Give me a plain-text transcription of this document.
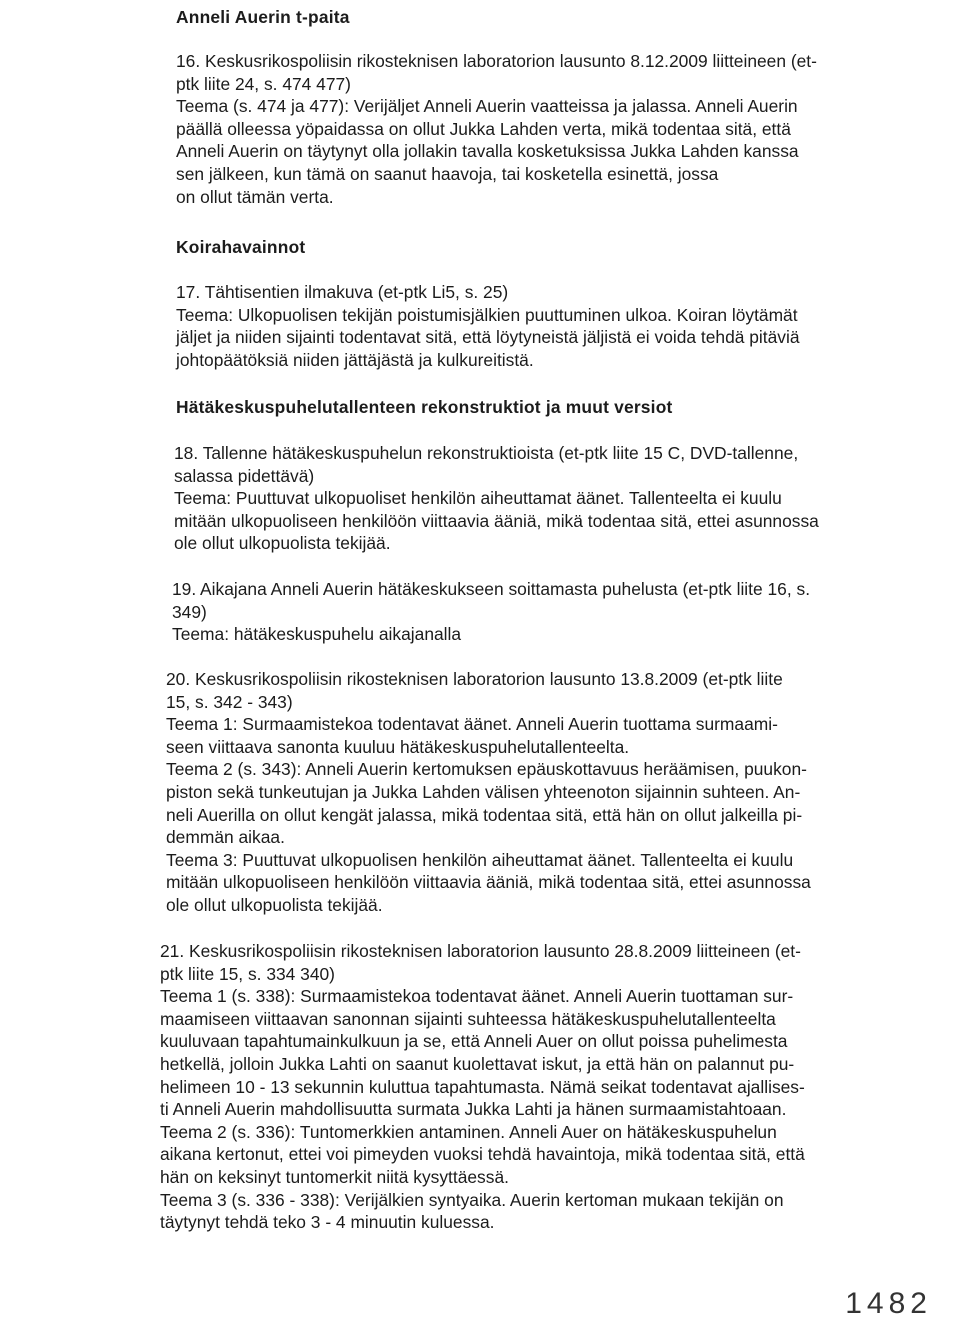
Anneli Auerin t-paita
16. Keskusrikospoliisin rikosteknisen laboratorion lausunto 8.12.2009 liitteineen (et-
ptk liite 24, s. 474 477)
Teema (s. 474 ja 477): Verijäljet Anneli Auerin vaatteissa ja jalassa. Anneli Auerin
päällä olleessa yöpaidassa on ollut Jukka Lahden verta, mikä todentaa sitä, että
Anneli Auerin on täytynyt olla jollakin tavalla kosketuksissa Jukka Lahden kanssa
sen jälkeen, kun tämä on saanut haavoja, tai kosketella esinettä, jossa
on ollut tämän verta.
Koirahavainnot
17. Tähtisentien ilmakuva (et-ptk Li5, s. 25)
Teema: Ulkopuolisen tekijän poistumisjälkien puuttuminen ulkoa. Koiran löytämät
jäljet ja niiden sijainti todentavat sitä, että löytyneistä jäljistä ei voida tehdä pitäviä
johtopäätöksiä niiden jättäjästä ja kulkureitistä.
Hätäkeskuspuhelutallenteen rekonstruktiot ja muut versiot
18. Tallenne hätäkeskuspuhelun rekonstruktioista (et-ptk liite 15 C, DVD-tallenne,
salassa pidettävä)
Teema: Puuttuvat ulkopuoliset henkilön aiheuttamat äänet. Tallenteelta ei kuulu
mitään ulkopuoliseen henkilöön viittaavia ääniä, mikä todentaa sitä, ettei asunnossa
ole ollut ulkopuolista tekijää.
19. Aikajana Anneli Auerin hätäkeskukseen soittamasta puhelusta (et-ptk liite 16, s.
349)
Teema: hätäkeskuspuhelu aikajanalla
20. Keskusrikospoliisin rikosteknisen laboratorion lausunto 13.8.2009 (et-ptk liite
15, s. 342 - 343)
Teema 1: Surmaamistekoa todentavat äänet. Anneli Auerin tuottama surmaami-
seen viittaava sanonta kuuluu hätäkeskuspuhelutallenteelta.
Teema 2 (s. 343): Anneli Auerin kertomuksen epäuskottavuus heräämisen, puukon-
piston sekä tunkeutujan ja Jukka Lahden välisen yhteenoton sijainnin suhteen. An-
neli Auerilla on ollut kengät jalassa, mikä todentaa sitä, että hän on ollut jalkeilla pi-
demmän aikaa.
Teema 3: Puuttuvat ulkopuolisen henkilön aiheuttamat äänet. Tallenteelta ei kuulu
mitään ulkopuoliseen henkilöön viittaavia ääniä, mikä todentaa sitä, ettei asunnossa
ole ollut ulkopuolista tekijää.
21. Keskusrikospoliisin rikosteknisen laboratorion lausunto 28.8.2009 liitteineen (et-
ptk liite 15, s. 334 340)
Teema 1 (s. 338): Surmaamistekoa todentavat äänet. Anneli Auerin tuottaman sur-
maamiseen viittaavan sanonnan sijainti suhteessa hätäkeskuspuhelutallenteelta
kuuluvaan tapahtumainkulkuun ja se, että Anneli Auer on ollut poissa puhelimesta
hetkellä, jolloin Jukka Lahti on saanut kuolettavat iskut, ja että hän on palannut pu-
helimeen 10 - 13 sekunnin kuluttua tapahtumasta. Nämä seikat todentavat ajallises-
ti Anneli Auerin mahdollisuutta surmata Jukka Lahti ja hänen surmaamistahtoaan.
Teema 2 (s. 336): Tuntomerkkien antaminen. Anneli Auer on hätäkeskuspuhelun
aikana kertonut, ettei voi pimeyden vuoksi tehdä havaintoja, mikä todentaa sitä, että
hän on keksinyt tuntomerkit niitä kysyttäessä.
Teema 3 (s. 336 - 338): Verijälkien syntyaika. Auerin kertoman mukaan tekijän on
täytynyt tehdä teko 3 - 4 minuutin kuluessa.
1482
